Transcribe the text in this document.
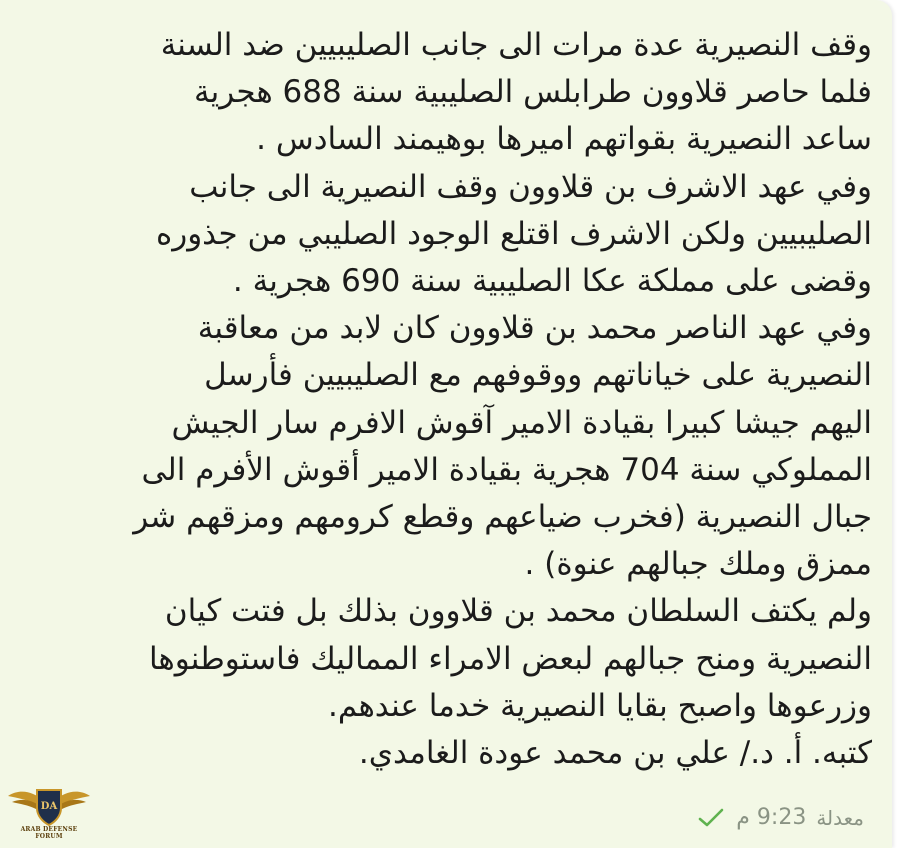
وقف النصيرية عدة مرات الى جانب الصليبيين ضد السنة
فلما حاصر قلاوون طرابلس الصليبية سنة 688 هجرية
ساعد النصيرية بقواتهم اميرها بوهيمند السادس .
وفي عهد الاشرف بن قلاوون وقف النصيرية الى جانب
الصليبيين ولكن الاشرف اقتلع الوجود الصليبي من جذوره
وقضى على مملكة عكا الصليبية سنة 690 هجرية .
وفي عهد الناصر محمد بن قلاوون كان لابد من معاقبة
النصيرية على خياناتهم ووقوفهم مع الصليبيين فأرسل
اليهم جيشا كبيرا بقيادة الامير آقوش الافرم سار الجيش
المملوكي سنة 704 هجرية بقيادة الامير أقوش الأفرم الى
جبال النصيرية (فخرب ضياعهم وقطع كرومهم ومزقهم شر
ممزق وملك جبالهم عنوة) .
ولم يكتف السلطان محمد بن قلاوون بذلك بل فتت كيان
النصيرية ومنح جبالهم لبعض الامراء المماليك فاستوطنوها
وزرعوها واصبح بقايا النصيرية خدما عندهم.
كتبه. أ. د./ علي بن محمد عودة الغامدي.
معدلة
9:23 م
DA
ARAB DEFENSE FORUM
